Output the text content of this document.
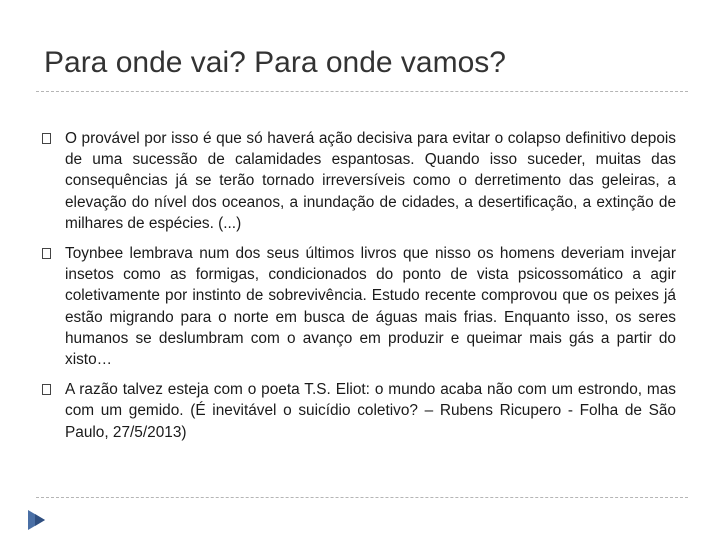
Para onde vai? Para onde vamos?

O provável por isso é que só haverá ação decisiva para evitar o colapso definitivo depois de uma sucessão de calamidades espantosas. Quando isso suceder, muitas das consequências já se terão tornado irreversíveis como o derretimento das geleiras, a elevação do nível dos oceanos, a inundação de cidades, a desertificação, a extinção de milhares de espécies. (...)

Toynbee lembrava num dos seus últimos livros que nisso os homens deveriam invejar insetos como as formigas, condicionados do ponto de vista psicossomático a agir coletivamente por instinto de sobrevivência. Estudo recente comprovou que os peixes já estão migrando para o norte em busca de águas mais frias. Enquanto isso, os seres humanos se deslumbram com o avanço em produzir e queimar mais gás a partir do xisto…

A razão talvez esteja com o poeta T.S. Eliot: o mundo acaba não com um estrondo, mas com um gemido. (É inevitável o suicídio coletivo? – Rubens Ricupero - Folha de São Paulo, 27/5/2013)
